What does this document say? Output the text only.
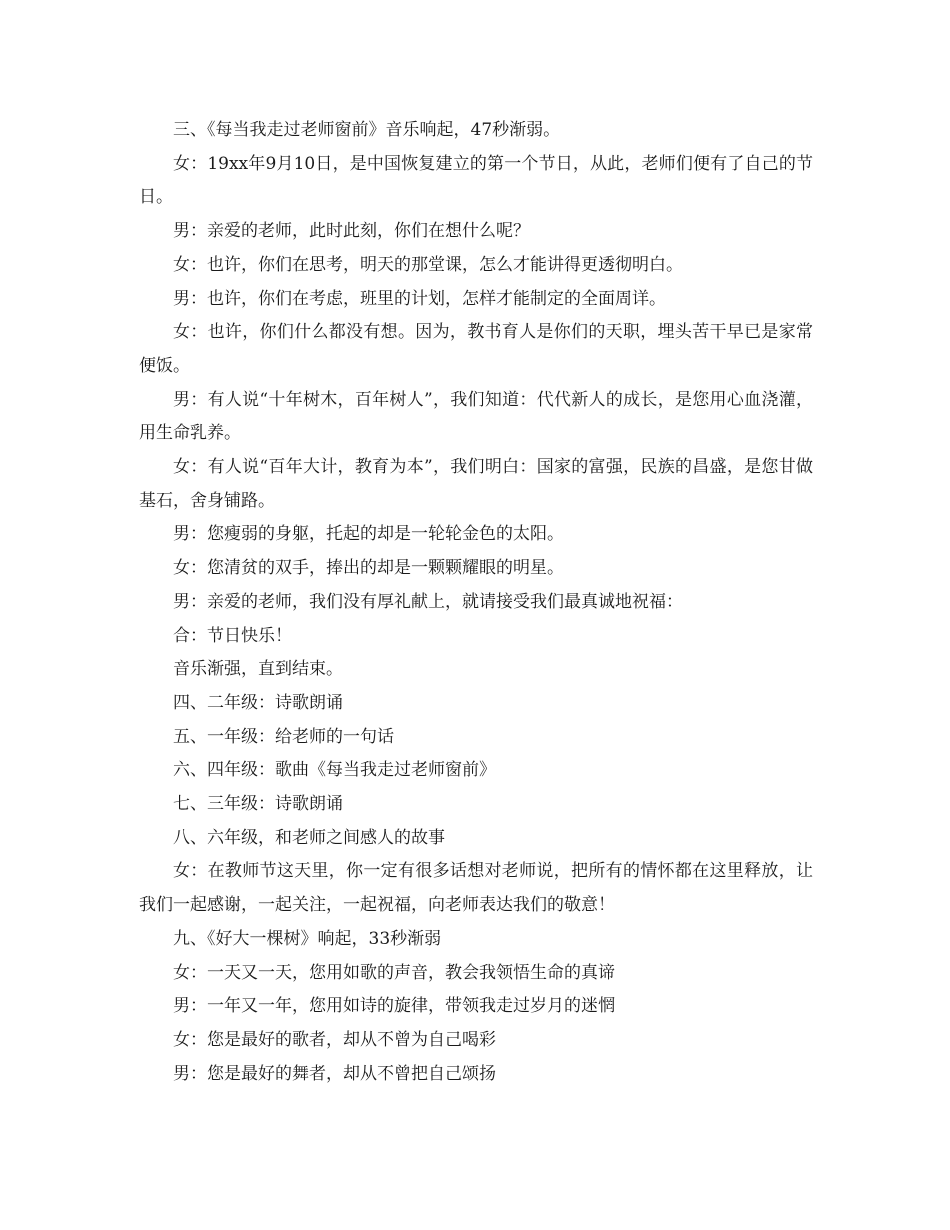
三、《每当我走过老师窗前》音乐响起，47秒渐弱。

女：19xx年9月10日，是中国恢复建立的第一个节日，从此，老师们便有了自己的节日。

男：亲爱的老师，此时此刻，你们在想什么呢？

女：也许，你们在思考，明天的那堂课，怎么才能讲得更透彻明白。

男：也许，你们在考虑，班里的计划，怎样才能制定的全面周详。

女：也许，你们什么都没有想。因为，教书育人是你们的天职，埋头苦干早已是家常便饭。

男：有人说“十年树木，百年树人”，我们知道：代代新人的成长，是您用心血浇灌，用生命乳养。

女：有人说“百年大计，教育为本”，我们明白：国家的富强，民族的昌盛，是您甘做基石，舍身铺路。

男：您瘦弱的身躯，托起的却是一轮轮金色的太阳。

女：您清贫的双手，捧出的却是一颗颗耀眼的明星。

男：亲爱的老师，我们没有厚礼献上，就请接受我们最真诚地祝福：

合：节日快乐！

音乐渐强，直到结束。

四、二年级：诗歌朗诵

五、一年级：给老师的一句话

六、四年级：歌曲《每当我走过老师窗前》

七、三年级：诗歌朗诵

八、六年级，和老师之间感人的故事

女：在教师节这天里，你一定有很多话想对老师说，把所有的情怀都在这里释放，让我们一起感谢，一起关注，一起祝福，向老师表达我们的敬意！

九、《好大一棵树》响起，33秒渐弱

女：一天又一天，您用如歌的声音，教会我领悟生命的真谛

男：一年又一年，您用如诗的旋律，带领我走过岁月的迷惘

女：您是最好的歌者，却从不曾为自己喝彩

男：您是最好的舞者，却从不曾把自己颂扬
